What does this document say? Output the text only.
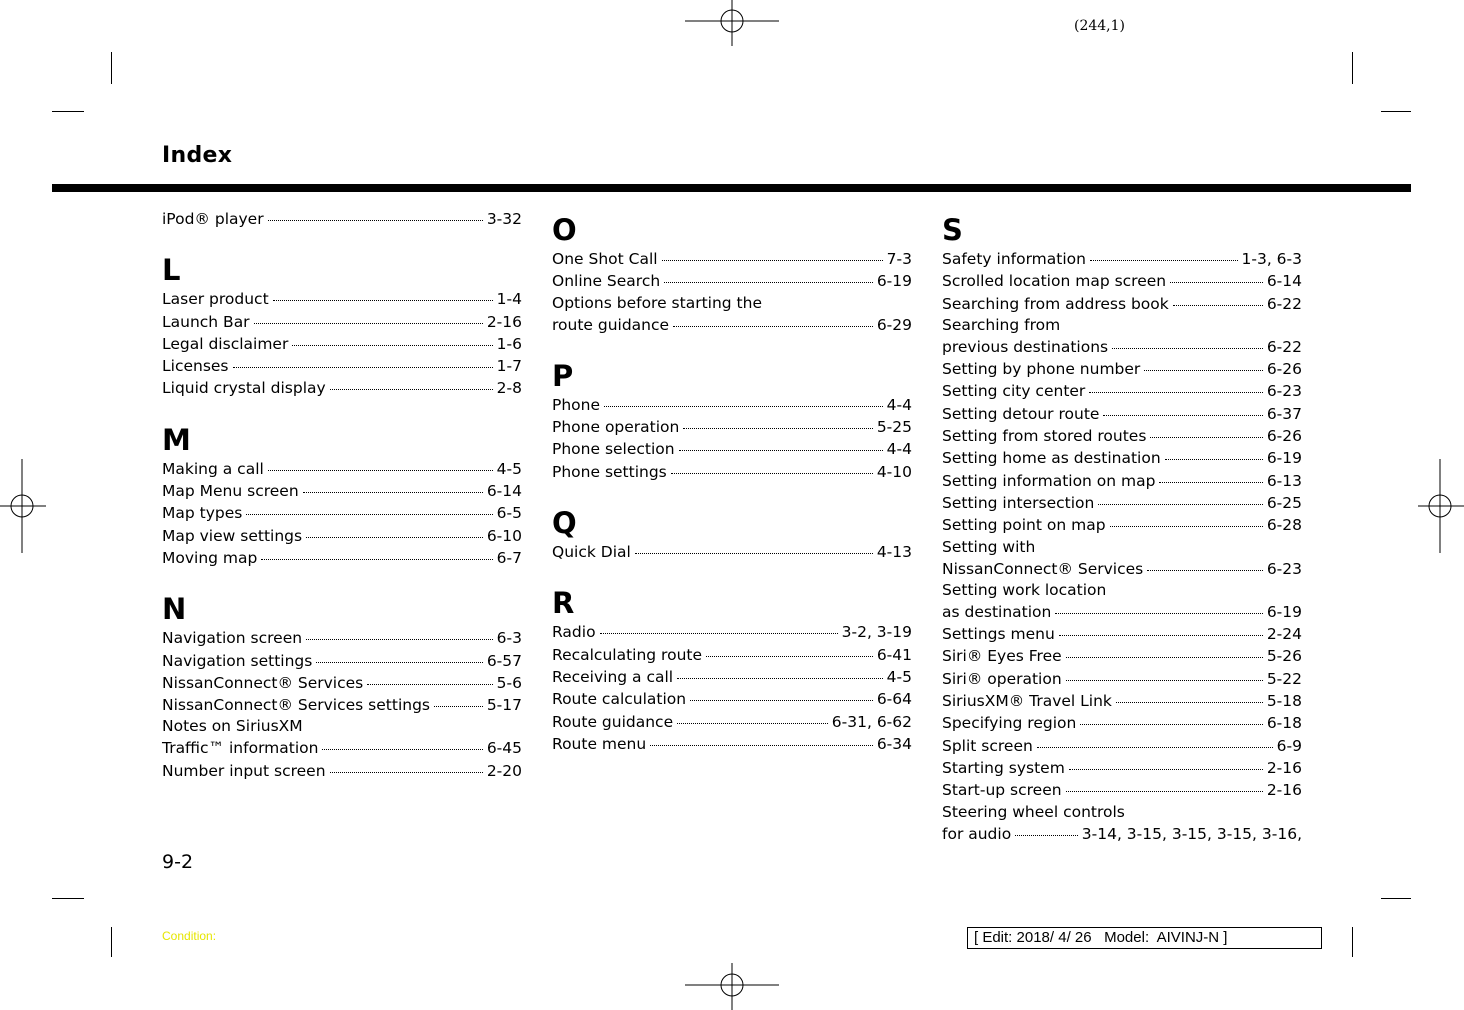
(244,1)
Index
iPod® player	3-32
L
Laser product	1-4
Launch Bar	2-16
Legal disclaimer	1-6
Licenses	1-7
Liquid crystal display	2-8
M
Making a call	4-5
Map Menu screen	6-14
Map types	6-5
Map view settings	6-10
Moving map	6-7
N
Navigation screen	6-3
Navigation settings	6-57
NissanConnect® Services	5-6
NissanConnect® Services settings	5-17
Notes on SiriusXM
Traffic™ information	6-45
Number input screen	2-20
O
One Shot Call	7-3
Online Search	6-19
Options before starting the
route guidance	6-29
P
Phone	4-4
Phone operation	5-25
Phone selection	4-4
Phone settings	4-10
Q
Quick Dial	4-13
R
Radio	3-2, 3-19
Recalculating route	6-41
Receiving a call	4-5
Route calculation	6-64
Route guidance	6-31, 6-62
Route menu	6-34
S
Safety information	1-3, 6-3
Scrolled location map screen	6-14
Searching from address book	6-22
Searching from
previous destinations	6-22
Setting by phone number	6-26
Setting city center	6-23
Setting detour route	6-37
Setting from stored routes	6-26
Setting home as destination	6-19
Setting information on map	6-13
Setting intersection	6-25
Setting point on map	6-28
Setting with
NissanConnect® Services	6-23
Setting work location
as destination	6-19
Settings menu	2-24
Siri® Eyes Free	5-26
Siri® operation	5-22
SiriusXM® Travel Link	5-18
Specifying region	6-18
Split screen	6-9
Starting system	2-16
Start-up screen	2-16
Steering wheel controls
for audio	3-14, 3-15, 3-15, 3-15, 3-16,
9-2
Condition:	[ Edit: 2018/ 4/ 26   Model:  AIVINJ-N ]
